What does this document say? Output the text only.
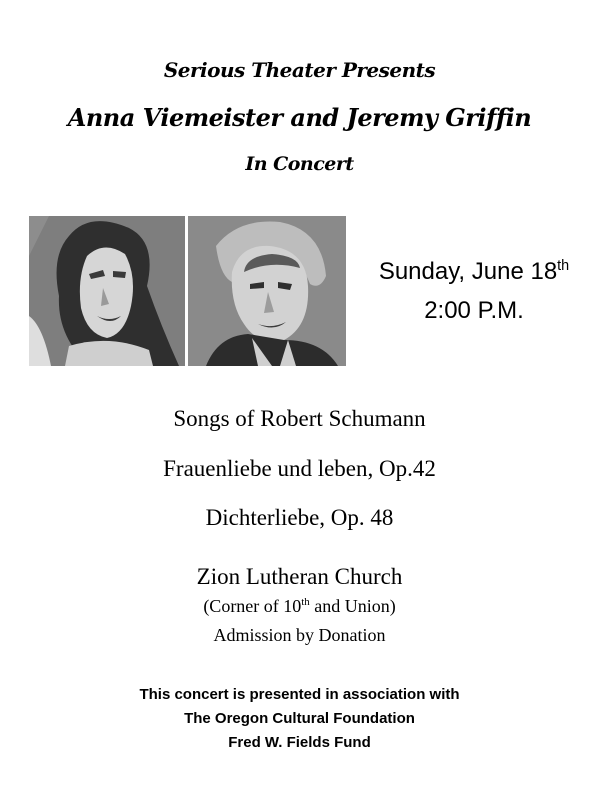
Serious Theater Presents
Anna Viemeister and Jeremy Griffin
In Concert
Sunday, June 18th
2:00 P.M.
Songs of Robert Schumann
Frauenliebe und leben, Op.42
Dichterliebe, Op. 48
Zion Lutheran Church
(Corner of 10th and Union)
Admission by Donation
This concert is presented in association with
The Oregon Cultural Foundation
Fred W. Fields Fund
